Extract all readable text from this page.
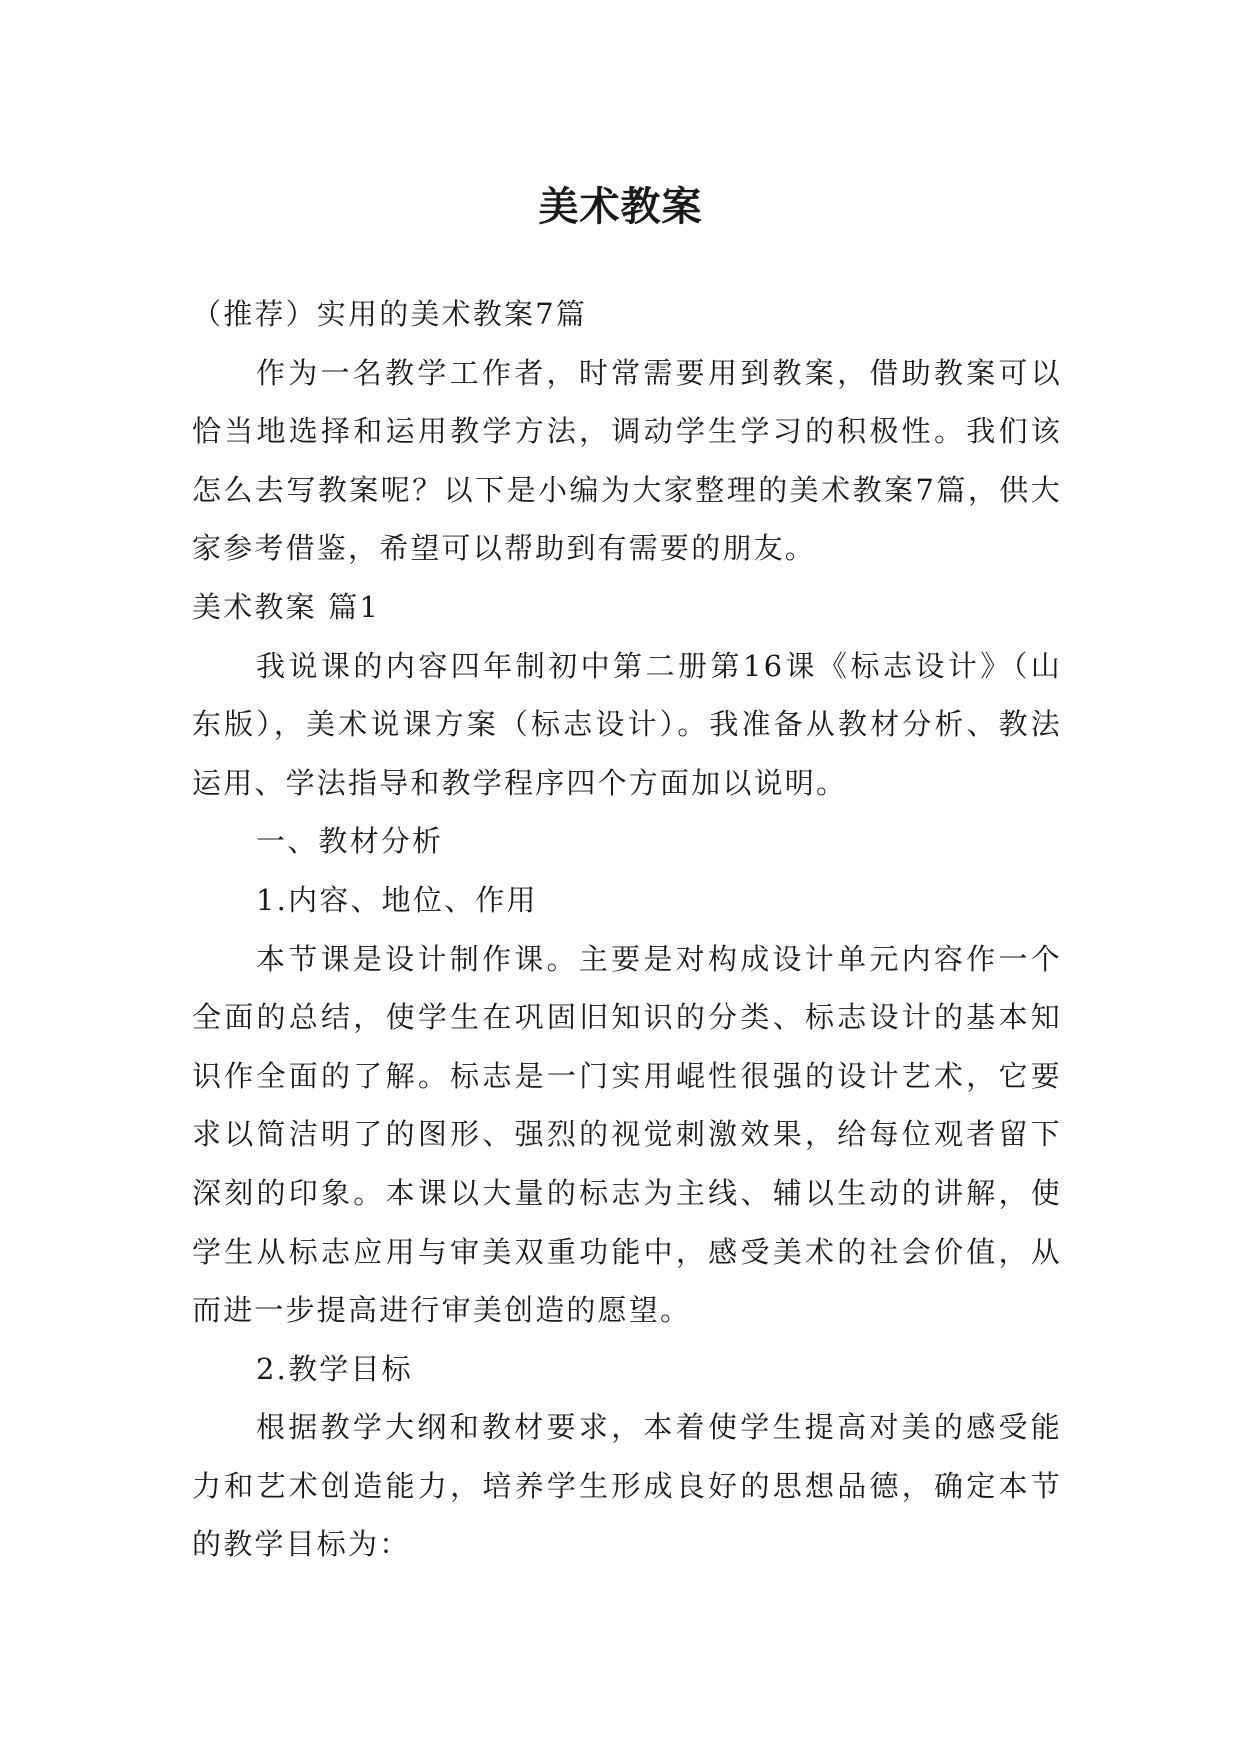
美术教案

（推荐）实用的美术教案7篇

作为一名教学工作者，时常需要用到教案，借助教案可以恰当地选择和运用教学方法，调动学生学习的积极性。我们该怎么去写教案呢？以下是小编为大家整理的美术教案7篇，供大家参考借鉴，希望可以帮助到有需要的朋友。

美术教案 篇1

我说课的内容四年制初中第二册第16课《标志设计》（山东版），美术说课方案（标志设计）。我准备从教材分析、教法运用、学法指导和教学程序四个方面加以说明。

一、教材分析

1.内容、地位、作用

本节课是设计制作课。主要是对构成设计单元内容作一个全面的总结，使学生在巩固旧知识的分类、标志设计的基本知识作全面的了解。标志是一门实用崐性很强的设计艺术，它要求以简洁明了的图形、强烈的视觉刺激效果，给每位观者留下深刻的印象。本课以大量的标志为主线、辅以生动的讲解，使学生从标志应用与审美双重功能中，感受美术的社会价值，从而进一步提高进行审美创造的愿望。

2.教学目标

根据教学大纲和教材要求，本着使学生提高对美的感受能力和艺术创造能力，培养学生形成良好的思想品德，确定本节的教学目标为：
